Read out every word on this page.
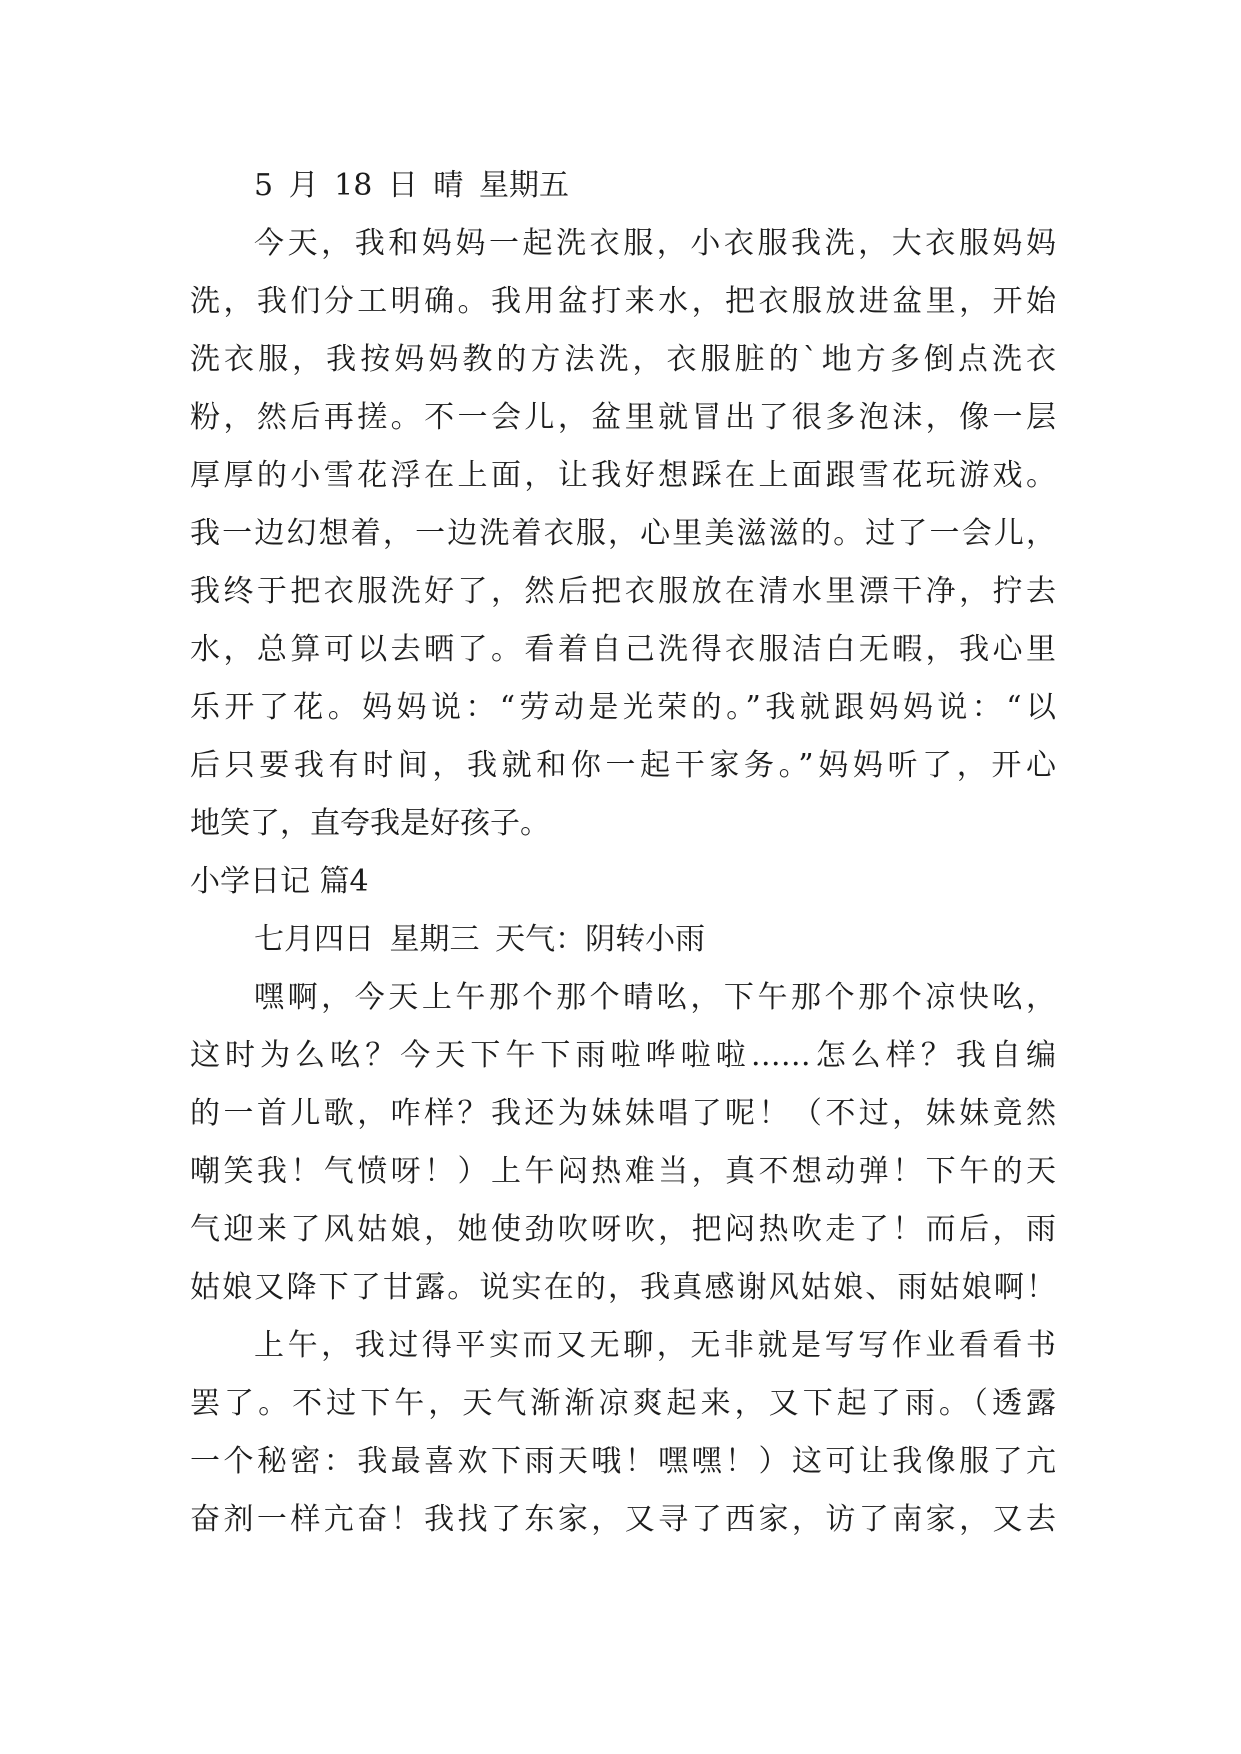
5 月 18 日 晴 星期五
今天，我和妈妈一起洗衣服，小衣服我洗，大衣服妈妈
洗，我们分工明确。我用盆打来水，把衣服放进盆里，开始
洗衣服，我按妈妈教的方法洗，衣服脏的`地方多倒点洗衣
粉，然后再搓。不一会儿，盆里就冒出了很多泡沫，像一层
厚厚的小雪花浮在上面，让我好想踩在上面跟雪花玩游戏。
我一边幻想着，一边洗着衣服，心里美滋滋的。过了一会儿，
我终于把衣服洗好了，然后把衣服放在清水里漂干净，拧去
水，总算可以去晒了。看着自己洗得衣服洁白无暇，我心里
乐开了花。妈妈说：“劳动是光荣的。”我就跟妈妈说：“以
后只要我有时间，我就和你一起干家务。”妈妈听了，开心
地笑了，直夸我是好孩子。
小学日记 篇4
七月四日 星期三 天气：阴转小雨
嘿啊，今天上午那个那个晴吆，下午那个那个凉快吆，
这时为么吆？今天下午下雨啦哗啦啦……怎么样？我自编
的一首儿歌，咋样？我还为妹妹唱了呢！（不过，妹妹竟然
嘲笑我！气愤呀！）上午闷热难当，真不想动弹！下午的天
气迎来了风姑娘，她使劲吹呀吹，把闷热吹走了！而后，雨
姑娘又降下了甘露。说实在的，我真感谢风姑娘、雨姑娘啊！
上午，我过得平实而又无聊，无非就是写写作业看看书
罢了。不过下午，天气渐渐凉爽起来，又下起了雨。（透露
一个秘密：我最喜欢下雨天哦！嘿嘿！）这可让我像服了亢
奋剂一样亢奋！我找了东家，又寻了西家，访了南家，又去
